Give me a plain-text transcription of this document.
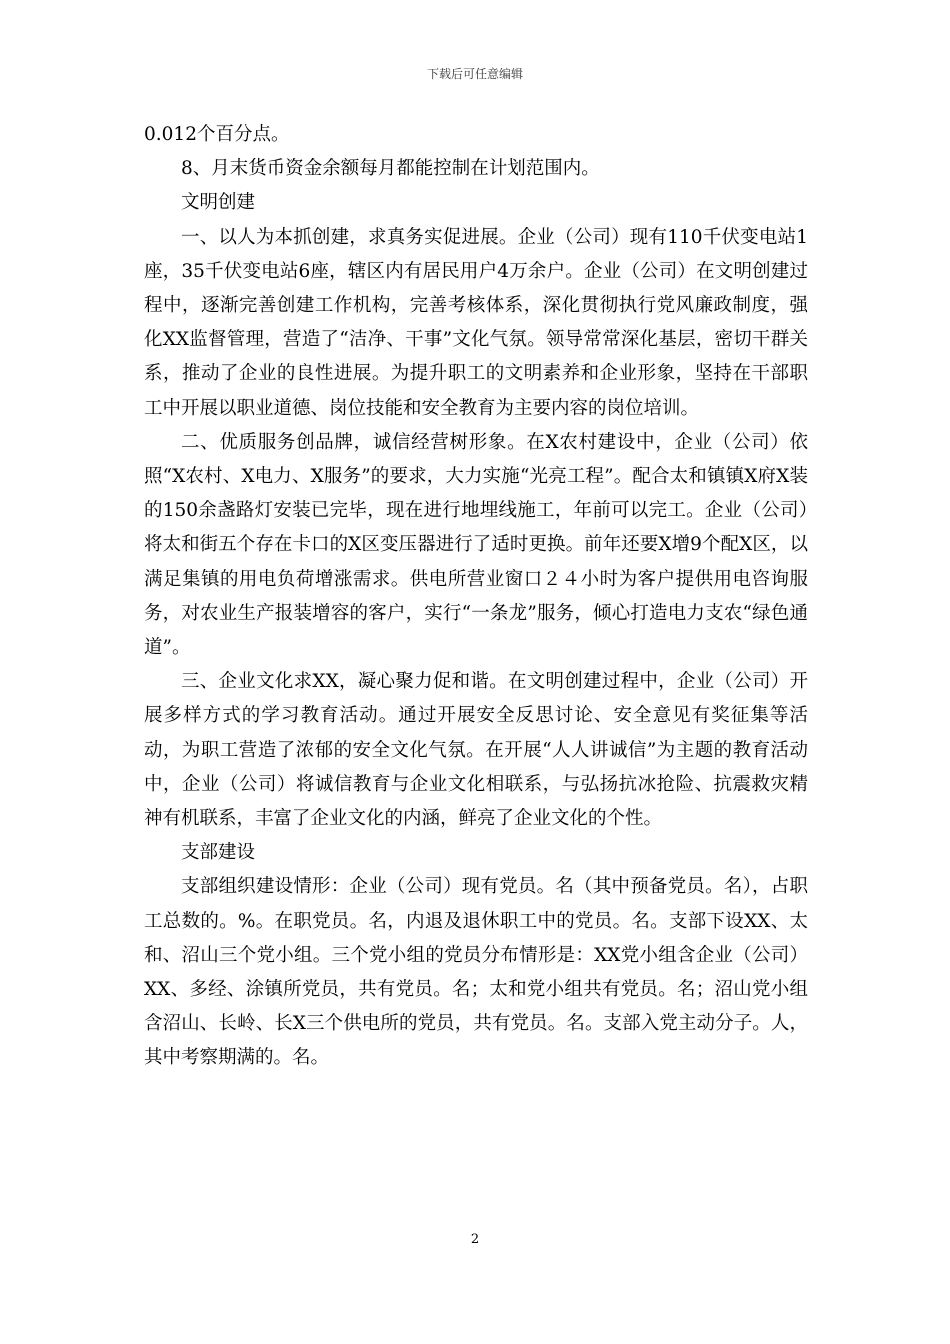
下载后可任意编辑

0.012个百分点。

8、月末货币资金余额每月都能控制在计划范围内。

文明创建

一、以人为本抓创建，求真务实促进展。企业（公司）现有110千伏变电站1座，35千伏变电站6座，辖区内有居民用户4万余户。企业（公司）在文明创建过程中，逐渐完善创建工作机构，完善考核体系，深化贯彻执行党风廉政制度，强化XX监督管理，营造了“洁净、干事”文化气氛。领导常常深化基层，密切干群关系，推动了企业的良性进展。为提升职工的文明素养和企业形象，坚持在干部职工中开展以职业道德、岗位技能和安全教育为主要内容的岗位培训。

二、优质服务创品牌，诚信经营树形象。在X农村建设中，企业（公司）依照“X农村、X电力、X服务”的要求，大力实施“光亮工程”。配合太和镇镇X府X装的150余盏路灯安装已完毕，现在进行地埋线施工，年前可以完工。企业（公司）将太和街五个存在卡口的X区变压器进行了适时更换。前年还要X增9个配X区，以满足集镇的用电负荷增涨需求。供电所营业窗口２４小时为客户提供用电咨询服务，对农业生产报装增容的客户，实行“一条龙”服务，倾心打造电力支农“绿色通道”。

三、企业文化求XX，凝心聚力促和谐。在文明创建过程中，企业（公司）开展多样方式的学习教育活动。通过开展安全反思讨论、安全意见有奖征集等活动，为职工营造了浓郁的安全文化气氛。在开展“人人讲诚信”为主题的教育活动中，企业（公司）将诚信教育与企业文化相联系，与弘扬抗冰抢险、抗震救灾精神有机联系，丰富了企业文化的内涵，鲜亮了企业文化的个性。

支部建设

支部组织建设情形：企业（公司）现有党员。名（其中预备党员。名），占职工总数的。%。在职党员。名，内退及退休职工中的党员。名。支部下设XX、太和、沼山三个党小组。三个党小组的党员分布情形是：XX党小组含企业（公司）XX、多经、涂镇所党员，共有党员。名；太和党小组共有党员。名；沼山党小组含沼山、长岭、长X三个供电所的党员，共有党员。名。支部入党主动分子。人，其中考察期满的。名。

2
